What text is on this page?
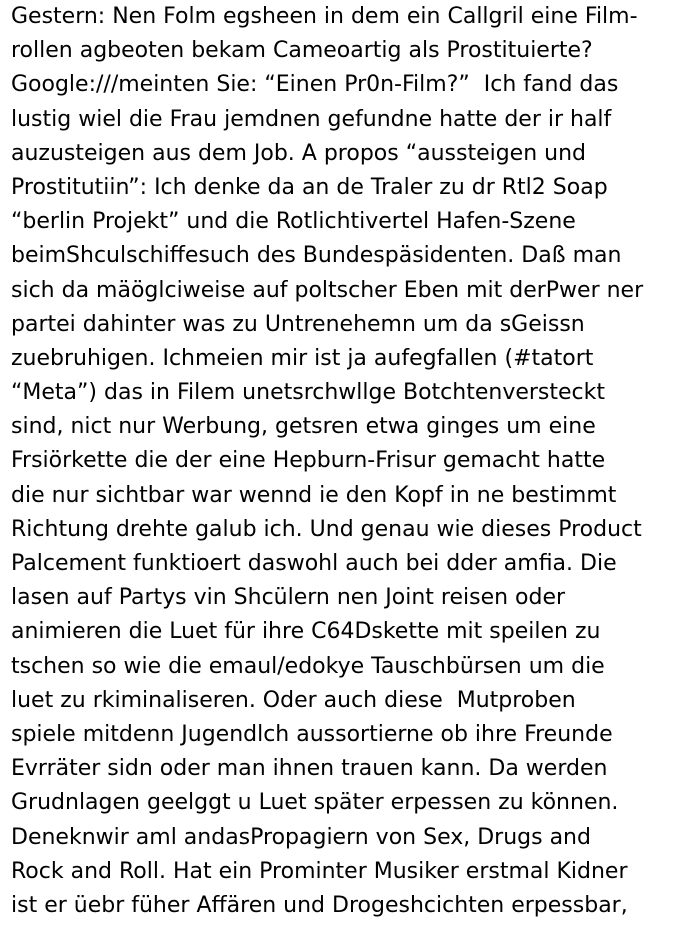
Gestern: Nen Folm egsheen in dem ein Callgril eine Film-
rollen agbeoten bekam Cameoartig als Prostituierte?
Google:///meinten Sie: “Einen Pr0n-Film?”  Ich fand das
lustig wiel die Frau jemdnen gefundne hatte der ir half
auzusteigen aus dem Job. A propos “aussteigen und
Prostitutiin”: Ich denke da an de Traler zu dr Rtl2 Soap
“berlin Projekt” und die Rotlichtivertel Hafen-Szene
beimShculschiffesuch des Bundespäsidenten. Daß man
sich da mäöglciweise auf poltscher Eben mit derPwer ner
partei dahinter was zu Untrenehemn um da sGeissn
zuebruhigen. Ichmeien mir ist ja aufegfallen (#tatort
“Meta”) das in Filem unetsrchwllge Botchtenversteckt
sind, nict nur Werbung, getsren etwa ginges um eine
Frsiörkette die der eine Hepburn-Frisur gemacht hatte
die nur sichtbar war wennd ie den Kopf in ne bestimmt
Richtung drehte galub ich. Und genau wie dieses Product
Palcement funktioert daswohl auch bei dder amfia. Die
lasen auf Partys vin Shcülern nen Joint reisen oder
animieren die Luet für ihre C64Dskette mit speilen zu
tschen so wie die emaul/edokye Tauschbürsen um die
luet zu rkiminaliseren. Oder auch diese  Mutproben
spiele mitdenn Jugendlch aussortierne ob ihre Freunde
Evrräter sidn oder man ihnen trauen kann. Da werden
Grudnlagen geelggt u Luet später erpessen zu können.
Deneknwir aml andasPropagiern von Sex, Drugs and
Rock and Roll. Hat ein Prominter Musiker erstmal Kidner
ist er üebr füher Affären und Drogeshcichten erpessbar,
